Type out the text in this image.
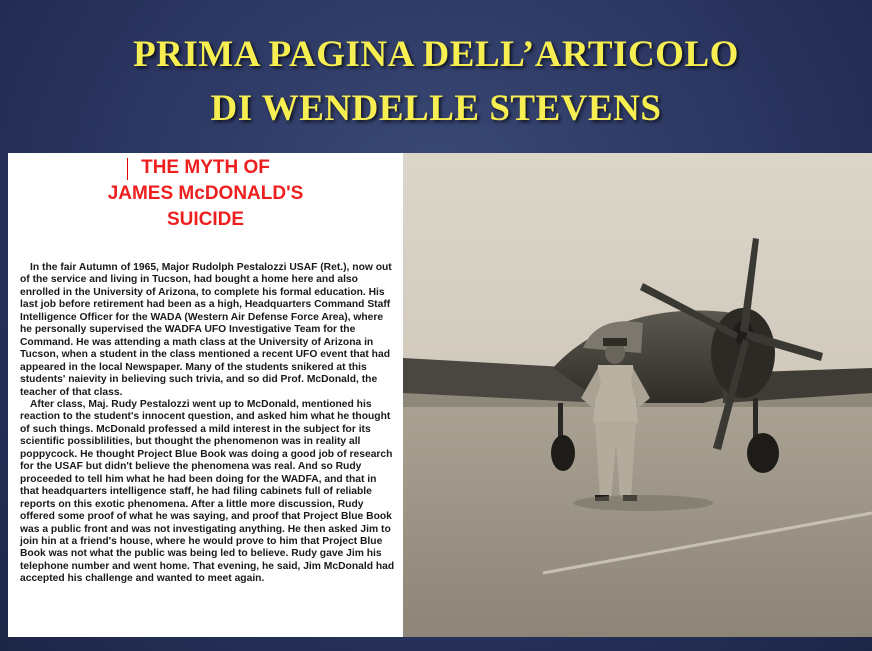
PRIMA PAGINA DELL’ARTICOLO
DI WENDELLE STEVENS
THE MYTH OF
JAMES McDONALD'S
SUICIDE

In the fair Autumn of 1965, Major Rudolph Pestalozzi USAF (Ret.), now out of the service and living in Tucson, had bought a home here and also enrolled in the University of Arizona, to complete his formal education. His last job before retirement had been as a high, Headquarters Command Staff Intelligence Officer for the WADA (Western Air Defense Force Area), where he personally supervised the WADFA UFO Investigative Team for the Command. He was attending a math class at the University of Arizona in Tucson, when a student in the class mentioned a recent UFO event that had appeared in the local Newspaper. Many of the students snikered at this students' naievity in believing such trivia, and so did Prof. McDonald, the teacher of that class.

After class, Maj. Rudy Pestalozzi went up to McDonald, mentioned his reaction to the student's innocent question, and asked him what he thought of such things. McDonald professed a mild interest in the subject for its scientific possiblilities, but thought the phenomenon was in reality all poppycock. He thought Project Blue Book was doing a good job of research for the USAF but didn't believe the phenomena was real. And so Rudy proceeded to tell him what he had been doing for the WADFA, and that in that headquarters intelligence staff, he had filing cabinets full of reliable reports on this exotic phenomena. After a little more discussion, Rudy offered some proof of what he was saying, and proof that Project Blue Book was a public front and was not investigating anything. He then asked Jim to join hin at a friend's house, where he would prove to him that Project Blue Book was not what the public was being led to believe. Rudy gave Jim his telephone number and went home. That evening, he said, Jim McDonald had accepted his challenge and wanted to meet again.
